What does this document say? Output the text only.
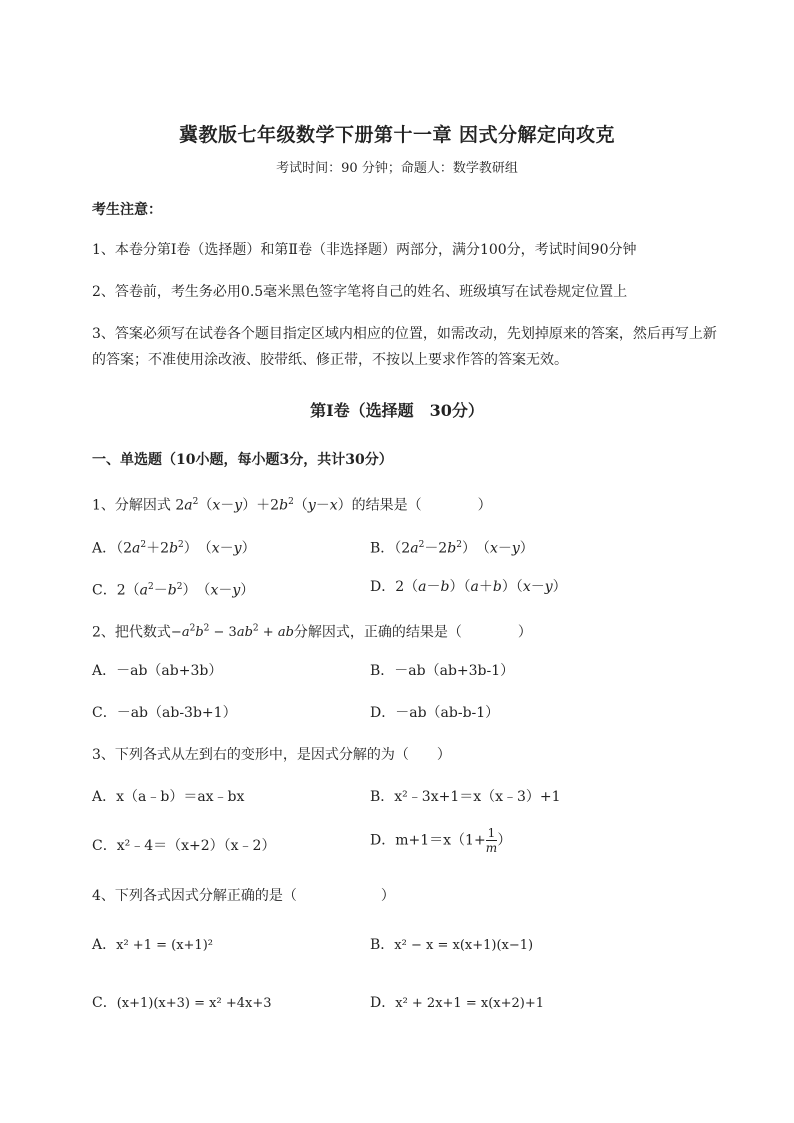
冀教版七年级数学下册第十一章 因式分解定向攻克
考试时间：90 分钟；命题人：数学教研组
考生注意：
1、本卷分第Ⅰ卷（选择题）和第Ⅱ卷（非选择题）两部分，满分100分，考试时间90分钟
2、答卷前，考生务必用0.5毫米黑色签字笔将自己的姓名、班级填写在试卷规定位置上
3、答案必须写在试卷各个题目指定区域内相应的位置，如需改动，先划掉原来的答案，然后再写上新
的答案；不准使用涂改液、胶带纸、修正带，不按以上要求作答的答案无效。
第Ⅰ卷（选择题　30分）
一、单选题（10小题，每小题3分，共计30分）
1、分解因式 $2a^2(x-y)+2b^2(y-x)$的结果是（　　　　）
A．$(2a^2+2b^2)$　（x－y）	B．$(2a^2-2b^2)$　（x－y）
C．$2(a^2-b^2)$　（x－y）	D．2（a－b）（a＋b）（x－y）
2、把代数式$-a^2b^2 - 3ab^2$ + ab分解因式，正确的结果是（　　　　）
A．－ab（ab+3b）	B．－ab（ab+3b-1）
C．－ab（ab-3b+1）	D．－ab（ab-b-1）
3、下列各式从左到右的变形中，是因式分解的为（　　）
A．x（a﹣b）＝ax﹣bx	B．x²﹣3x+1＝x（x﹣3）+1
C．x²﹣4＝（x+2）（x﹣2）	D．$m+1=x(1+ \frac{1}{m}$ ）
4、下列各式因式分解正确的是（　　　　　　）
A．x² +1 = (x+1)²	B．x² − x = x(x+1)(x−1)
C．(x+1)(x+3) = x² +4x+3	D．x² + 2x+1 = x(x+2)+1
